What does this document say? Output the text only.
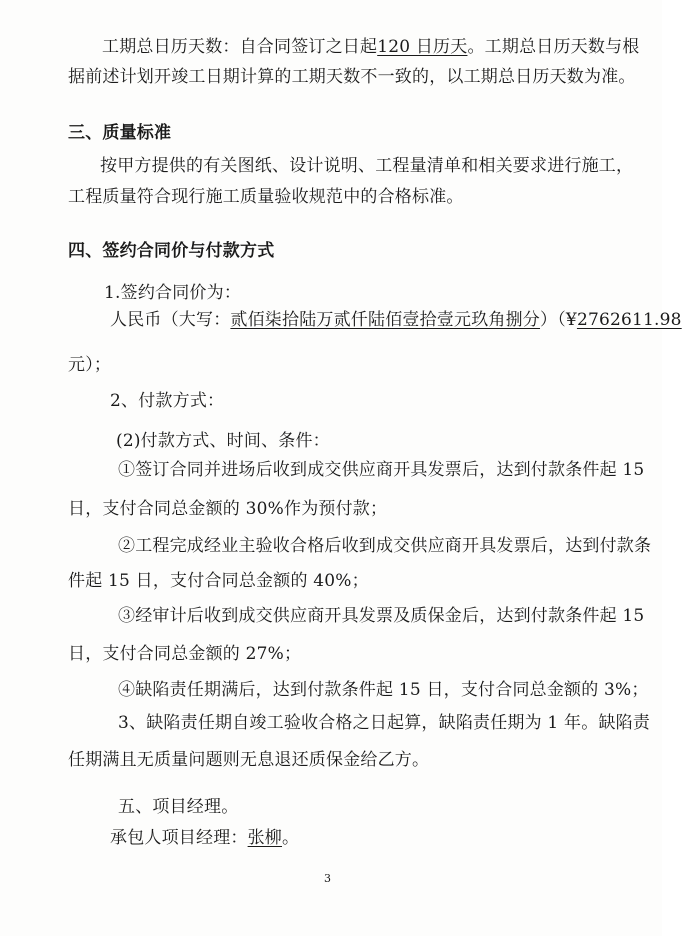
工期总日历天数：自合同签订之日起120 日历天。工期总日历天数与根
据前述计划开竣工日期计算的工期天数不一致的，以工期总日历天数为准。
三、质量标准
按甲方提供的有关图纸、设计说明、工程量清单和相关要求进行施工，
工程质量符合现行施工质量验收规范中的合格标准。
四、签约合同价与付款方式
1.签约合同价为：
人民币（大写：贰佰柒拾陆万贰仟陆佰壹拾壹元玖角捌分）（¥2762611.98
元）；
2、付款方式：
(2)付款方式、时间、条件：
①签订合同并进场后收到成交供应商开具发票后，达到付款条件起 15
日，支付合同总金额的 30%作为预付款；
②工程完成经业主验收合格后收到成交供应商开具发票后，达到付款条
件起 15 日，支付合同总金额的 40%；
③经审计后收到成交供应商开具发票及质保金后，达到付款条件起 15
日，支付合同总金额的 27%；
④缺陷责任期满后，达到付款条件起 15 日，支付合同总金额的 3%；
3、缺陷责任期自竣工验收合格之日起算，缺陷责任期为 1 年。缺陷责
任期满且无质量问题则无息退还质保金给乙方。
五、项目经理。
承包人项目经理：张柳。
3
